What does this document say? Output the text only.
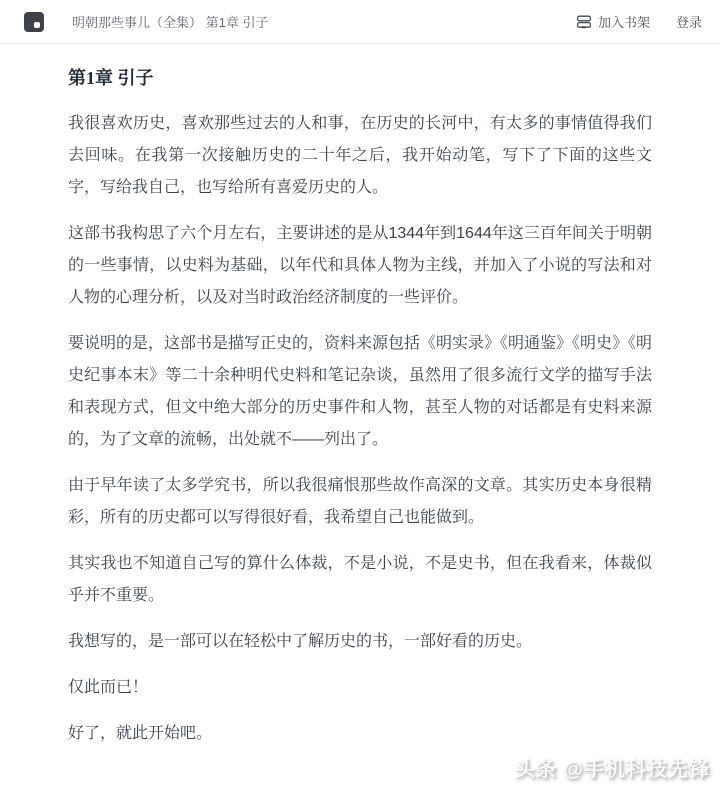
明朝那些事儿（全集） 第1章 引子	加入书架 登录
第1章 引子

我很喜欢历史，喜欢那些过去的人和事，在历史的长河中，有太多的事情值得我们去回味。在我第一次接触历史的二十年之后，我开始动笔，写下了下面的这些文字，写给我自己，也写给所有喜爱历史的人。

这部书我构思了六个月左右，主要讲述的是从1344年到1644年这三百年间关于明朝的一些事情，以史料为基础，以年代和具体人物为主线，并加入了小说的写法和对人物的心理分析，以及对当时政治经济制度的一些评价。

要说明的是，这部书是描写正史的，资料来源包括《明实录》《明通鉴》《明史》《明史纪事本末》等二十余种明代史料和笔记杂谈，虽然用了很多流行文学的描写手法和表现方式，但文中绝大部分的历史事件和人物，甚至人物的对话都是有史料来源的，为了文章的流畅，出处就不——列出了。

由于早年读了太多学究书，所以我很痛恨那些故作高深的文章。其实历史本身很精彩，所有的历史都可以写得很好看，我希望自己也能做到。

其实我也不知道自己写的算什么体裁，不是小说，不是史书，但在我看来，体裁似乎并不重要。

我想写的，是一部可以在轻松中了解历史的书，一部好看的历史。

仅此而已！

好了，就此开始吧。

头条 @手机科技先锋
